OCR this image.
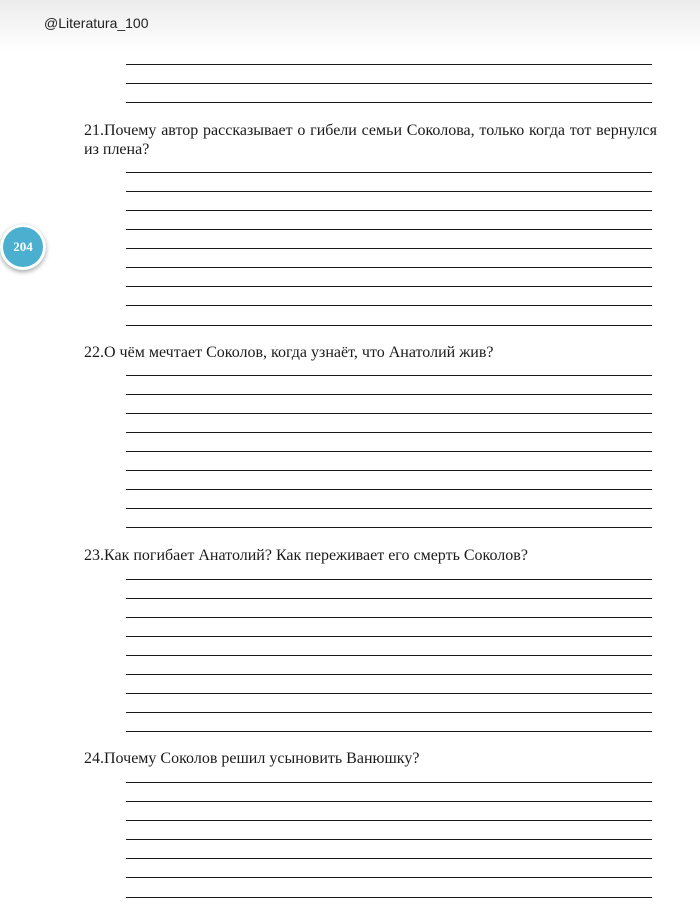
@Literatura_100
204
21.Почему автор рассказывает о гибели семьи Соколова, только когда тот вернулся из плена?
22.О чём мечтает Соколов, когда узнаёт, что Анатолий жив?
23.Как погибает Анатолий? Как переживает его смерть Соколов?
24.Почему Соколов решил усыновить Ванюшку?
